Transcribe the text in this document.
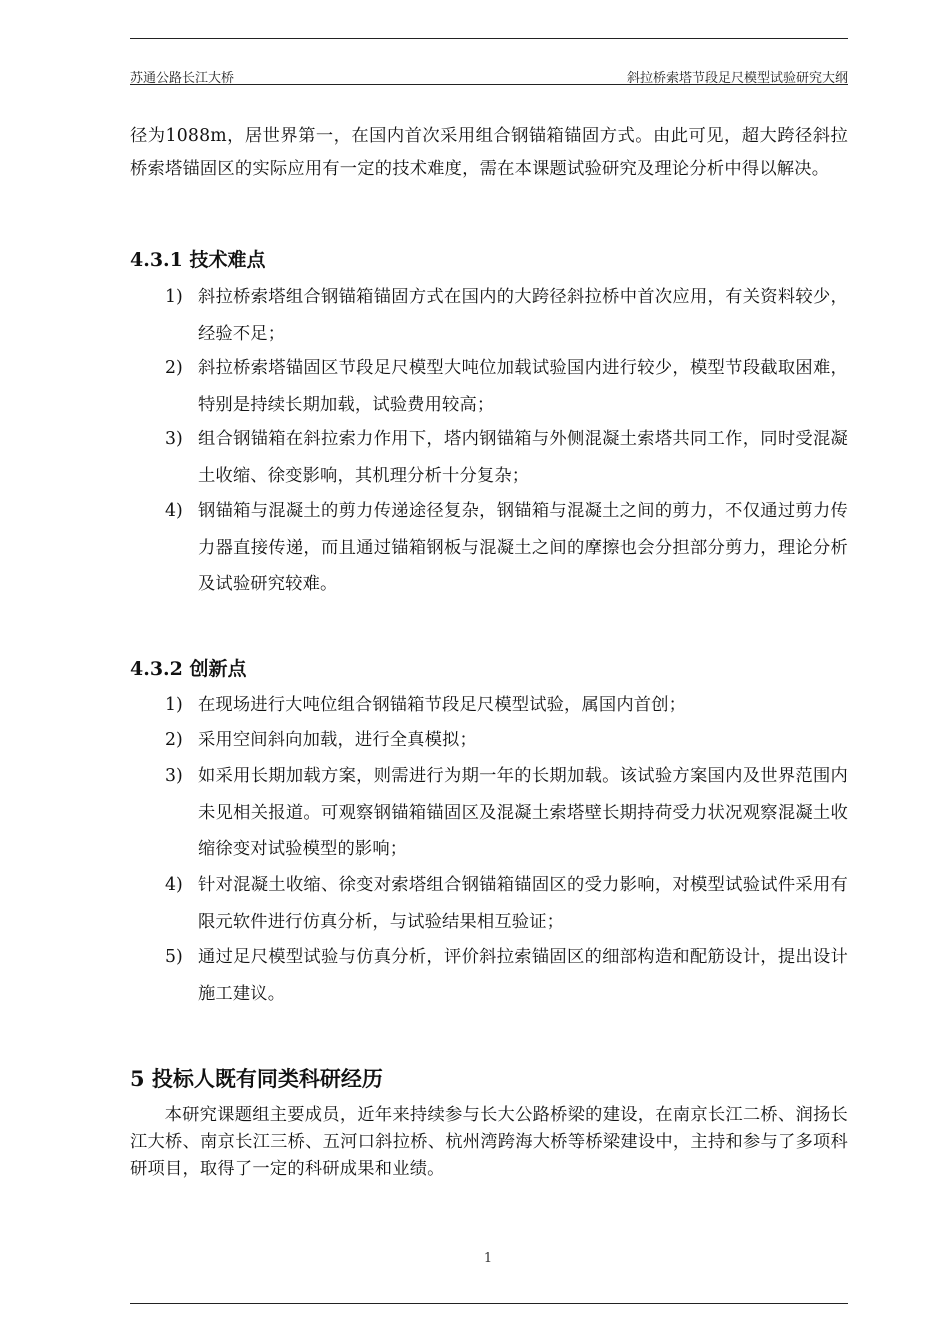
苏通公路长江大桥	斜拉桥索塔节段足尺模型试验研究大纲
径为1088m，居世界第一，在国内首次采用组合钢锚箱锚固方式。由此可见，超大跨径斜拉桥索塔锚固区的实际应用有一定的技术难度，需在本课题试验研究及理论分析中得以解决。
4.3.1 技术难点
1) 斜拉桥索塔组合钢锚箱锚固方式在国内的大跨径斜拉桥中首次应用，有关资料较少，经验不足；
2) 斜拉桥索塔锚固区节段足尺模型大吨位加载试验国内进行较少，模型节段截取困难，特别是持续长期加载，试验费用较高；
3) 组合钢锚箱在斜拉索力作用下，塔内钢锚箱与外侧混凝土索塔共同工作，同时受混凝土收缩、徐变影响，其机理分析十分复杂；
4) 钢锚箱与混凝土的剪力传递途径复杂，钢锚箱与混凝土之间的剪力，不仅通过剪力传力器直接传递，而且通过锚箱钢板与混凝土之间的摩擦也会分担部分剪力，理论分析及试验研究较难。
4.3.2 创新点
1) 在现场进行大吨位组合钢锚箱节段足尺模型试验，属国内首创；
2) 采用空间斜向加载，进行全真模拟；
3) 如采用长期加载方案，则需进行为期一年的长期加载。该试验方案国内及世界范围内未见相关报道。可观察钢锚箱锚固区及混凝土索塔壁长期持荷受力状况观察混凝土收缩徐变对试验模型的影响；
4) 针对混凝土收缩、徐变对索塔组合钢锚箱锚固区的受力影响，对模型试验试件采用有限元软件进行仿真分析，与试验结果相互验证；
5) 通过足尺模型试验与仿真分析，评价斜拉索锚固区的细部构造和配筋设计，提出设计施工建议。
5 投标人既有同类科研经历
本研究课题组主要成员，近年来持续参与长大公路桥梁的建设，在南京长江二桥、润扬长江大桥、南京长江三桥、五河口斜拉桥、杭州湾跨海大桥等桥梁建设中，主持和参与了多项科研项目，取得了一定的科研成果和业绩。
1
